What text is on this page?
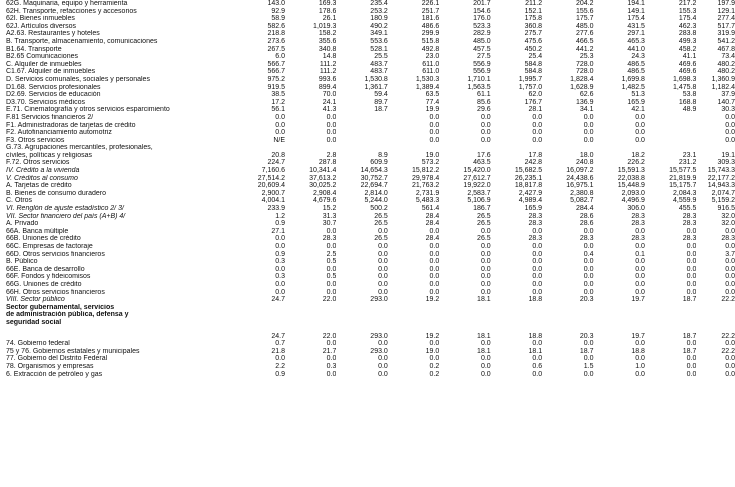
62G. Maquinaria, equipo y herramienta	143.0	169.3	235.4	226.1	201.7	211.2	204.2	194.1	217.2	197.9
62H. Transporte, refacciones y accesorios	92.9	178.6	253.2	251.7	154.6	152.1	155.6	149.1	155.3	129.1
62I. Bienes inmuebles	58.9	26.1	180.9	181.6	176.0	175.8	175.7	175.4	175.4	277.4
62J. Artículos diversos	582.6	1,019.3	490.2	486.6	523.3	360.8	485.0	431.5	462.3	517.7
A2.63. Restaurantes y hoteles	218.8	158.2	349.1	299.9	282.9	275.7	277.6	297.1	283.8	319.9
B. Transporte, almacenamiento, comunicaciones	273.6	355.6	553.6	515.8	485.0	475.6	466.5	465.3	499.3	541.2
B1.64. Transporte	267.5	340.8	528.1	492.8	457.5	450.2	441.2	441.0	458.2	467.8
B2.65 Comunicaciones	6.0	14.8	25.5	23.0	27.5	25.4	25.3	24.3	41.1	73.4
C. Alquiler de inmuebles	566.7	111.2	483.7	611.0	556.9	584.8	728.0	486.5	469.6	480.2
C1.67. Alquiler de inmuebles	566.7	111.2	483.7	611.0	556.9	584.8	728.0	486.5	469.6	480.2
D. Servicios comunales, sociales y personales	975.2	993.6	1,530.8	1,530.3	1,710.1	1,995.7	1,828.4	1,699.8	1,698.3	1,360.9
D1.68. Servicios profesionales	919.5	899.4	1,361.7	1,389.4	1,563.5	1,757.0	1,628.9	1,482.5	1,475.8	1,182.4
D2.69. Servicios de educación	38.5	70.0	59.4	63.5	61.1	62.0	62.6	51.3	53.8	37.9
D3.70. Servicios médicos	17.2	24.1	89.7	77.4	85.6	176.7	136.9	165.9	168.8	140.7
E.71. Cinematografía y otros servicios esparcimiento	56.1	41.3	18.7	19.9	29.6	28.1	34.1	42.1	48.9	30.3
F.81 Servicios financieros 2/	0.0	0.0		0.0	0.0	0.0	0.0	0.0		0.0
F1. Administradoras de tarjetas de crédito	0.0	0.0		0.0	0.0	0.0	0.0	0.0		0.0
F2. Autofinanciamiento automotriz	0.0	0.0		0.0	0.0	0.0	0.0	0.0		0.0
F3. Otros servicios	N/E	0.0		0.0	0.0	0.0	0.0	0.0		0.0
G.73. Agrupaciones mercantiles, profesionales,										
cíviles, políticas y religiosas	20.8	2.8	8.9	19.0	17.6	17.8	18.0	18.2	23.1	19.1
F.72. Otros servicios	224.7	287.8	609.9	573.2	463.5	242.8	240.8	226.2	231.2	309.3
IV. Crédito a la vivienda	7,160.6	10,341.4	14,654.3	15,812.2	15,420.0	15,682.5	16,097.2	15,591.3	15,577.5	15,743.3
V. Créditos al consumo	27,514.2	37,613.2	30,752.7	29,978.4	27,612.7	26,235.1	24,438.6	22,038.8	21,819.9	22,177.2
A. Tarjetas de crédito	20,609.4	30,025.2	22,694.7	21,763.2	19,922.0	18,817.8	16,975.1	15,448.9	15,175.7	14,943.3
B. Bienes de consumo duradero	2,900.7	2,908.4	2,814.0	2,731.9	2,583.7	2,427.9	2,380.8	2,093.0	2,084.3	2,074.7
C. Otros	4,004.1	4,679.6	5,244.0	5,483.3	5,106.9	4,989.4	5,082.7	4,496.9	4,559.9	5,159.2
VI. Renglón de ajuste estadístico 2/ 3/	233.9	15.2	500.2	561.4	186.7	165.9	284.4	306.0	455.5	916.5
VII. Sector financiero del país (A+B) 4/	1.2	31.3	26.5	28.4	26.5	28.3	28.6	28.3	28.3	32.0
A. Privado	0.9	30.7	26.5	28.4	26.5	28.3	28.6	28.3	28.3	32.0
66A. Banca múltiple	27.1	0.0	0.0	0.0	0.0	0.0	0.0	0.0	0.0	0.0
66B. Uniones de crédito	0.0	28.3	26.5	28.4	26.5	28.3	28.3	28.3	28.3	28.3
66C. Empresas de factoraje	0.0	0.0	0.0	0.0	0.0	0.0	0.0	0.0	0.0	0.0
66D. Otros servicios financieros	0.9	2.5	0.0	0.0	0.0	0.0	0.4	0.1	0.0	3.7
B. Público	0.3	0.5	0.0	0.0	0.0	0.0	0.0	0.0	0.0	0.0
66E. Banca de desarrollo	0.0	0.0	0.0	0.0	0.0	0.0	0.0	0.0	0.0	0.0
66F. Fondos y fideicomisos	0.3	0.5	0.0	0.0	0.0	0.0	0.0	0.0	0.0	0.0
66G. Uniones de crédito	0.0	0.0	0.0	0.0	0.0	0.0	0.0	0.0	0.0	0.0
66H. Otros servicios financieros	0.0	0.0	0.0	0.0	0.0	0.0	0.0	0.0	0.0	0.0
VIII. Sector público	24.7	22.0	293.0	19.2	18.1	18.8	20.3	19.7	18.7	22.2
Sector gubernamental, servicios										
de administración pública, defensa y										
seguridad social										

	24.7	22.0	293.0	19.2	18.1	18.8	20.3	19.7	18.7	22.2
74. Gobierno federal	0.7	0.0	0.0	0.0	0.0	0.0	0.0	0.0	0.0	0.0
75 y 76. Gobiernos estatales y municipales	21.8	21.7	293.0	19.0	18.1	18.1	18.7	18.8	18.7	22.2
77. Gobierno del Distrito Federal	0.0	0.0	0.0	0.0	0.0	0.0	0.0	0.0	0.0	0.0
78. Organismos y empresas	2.2	0.3	0.0	0.2	0.0	0.6	1.5	1.0	0.0	0.0
6. Extracción de petróleo y gas	0.9	0.0	0.0	0.2	0.0	0.0	0.0	0.0	0.0	0.0
